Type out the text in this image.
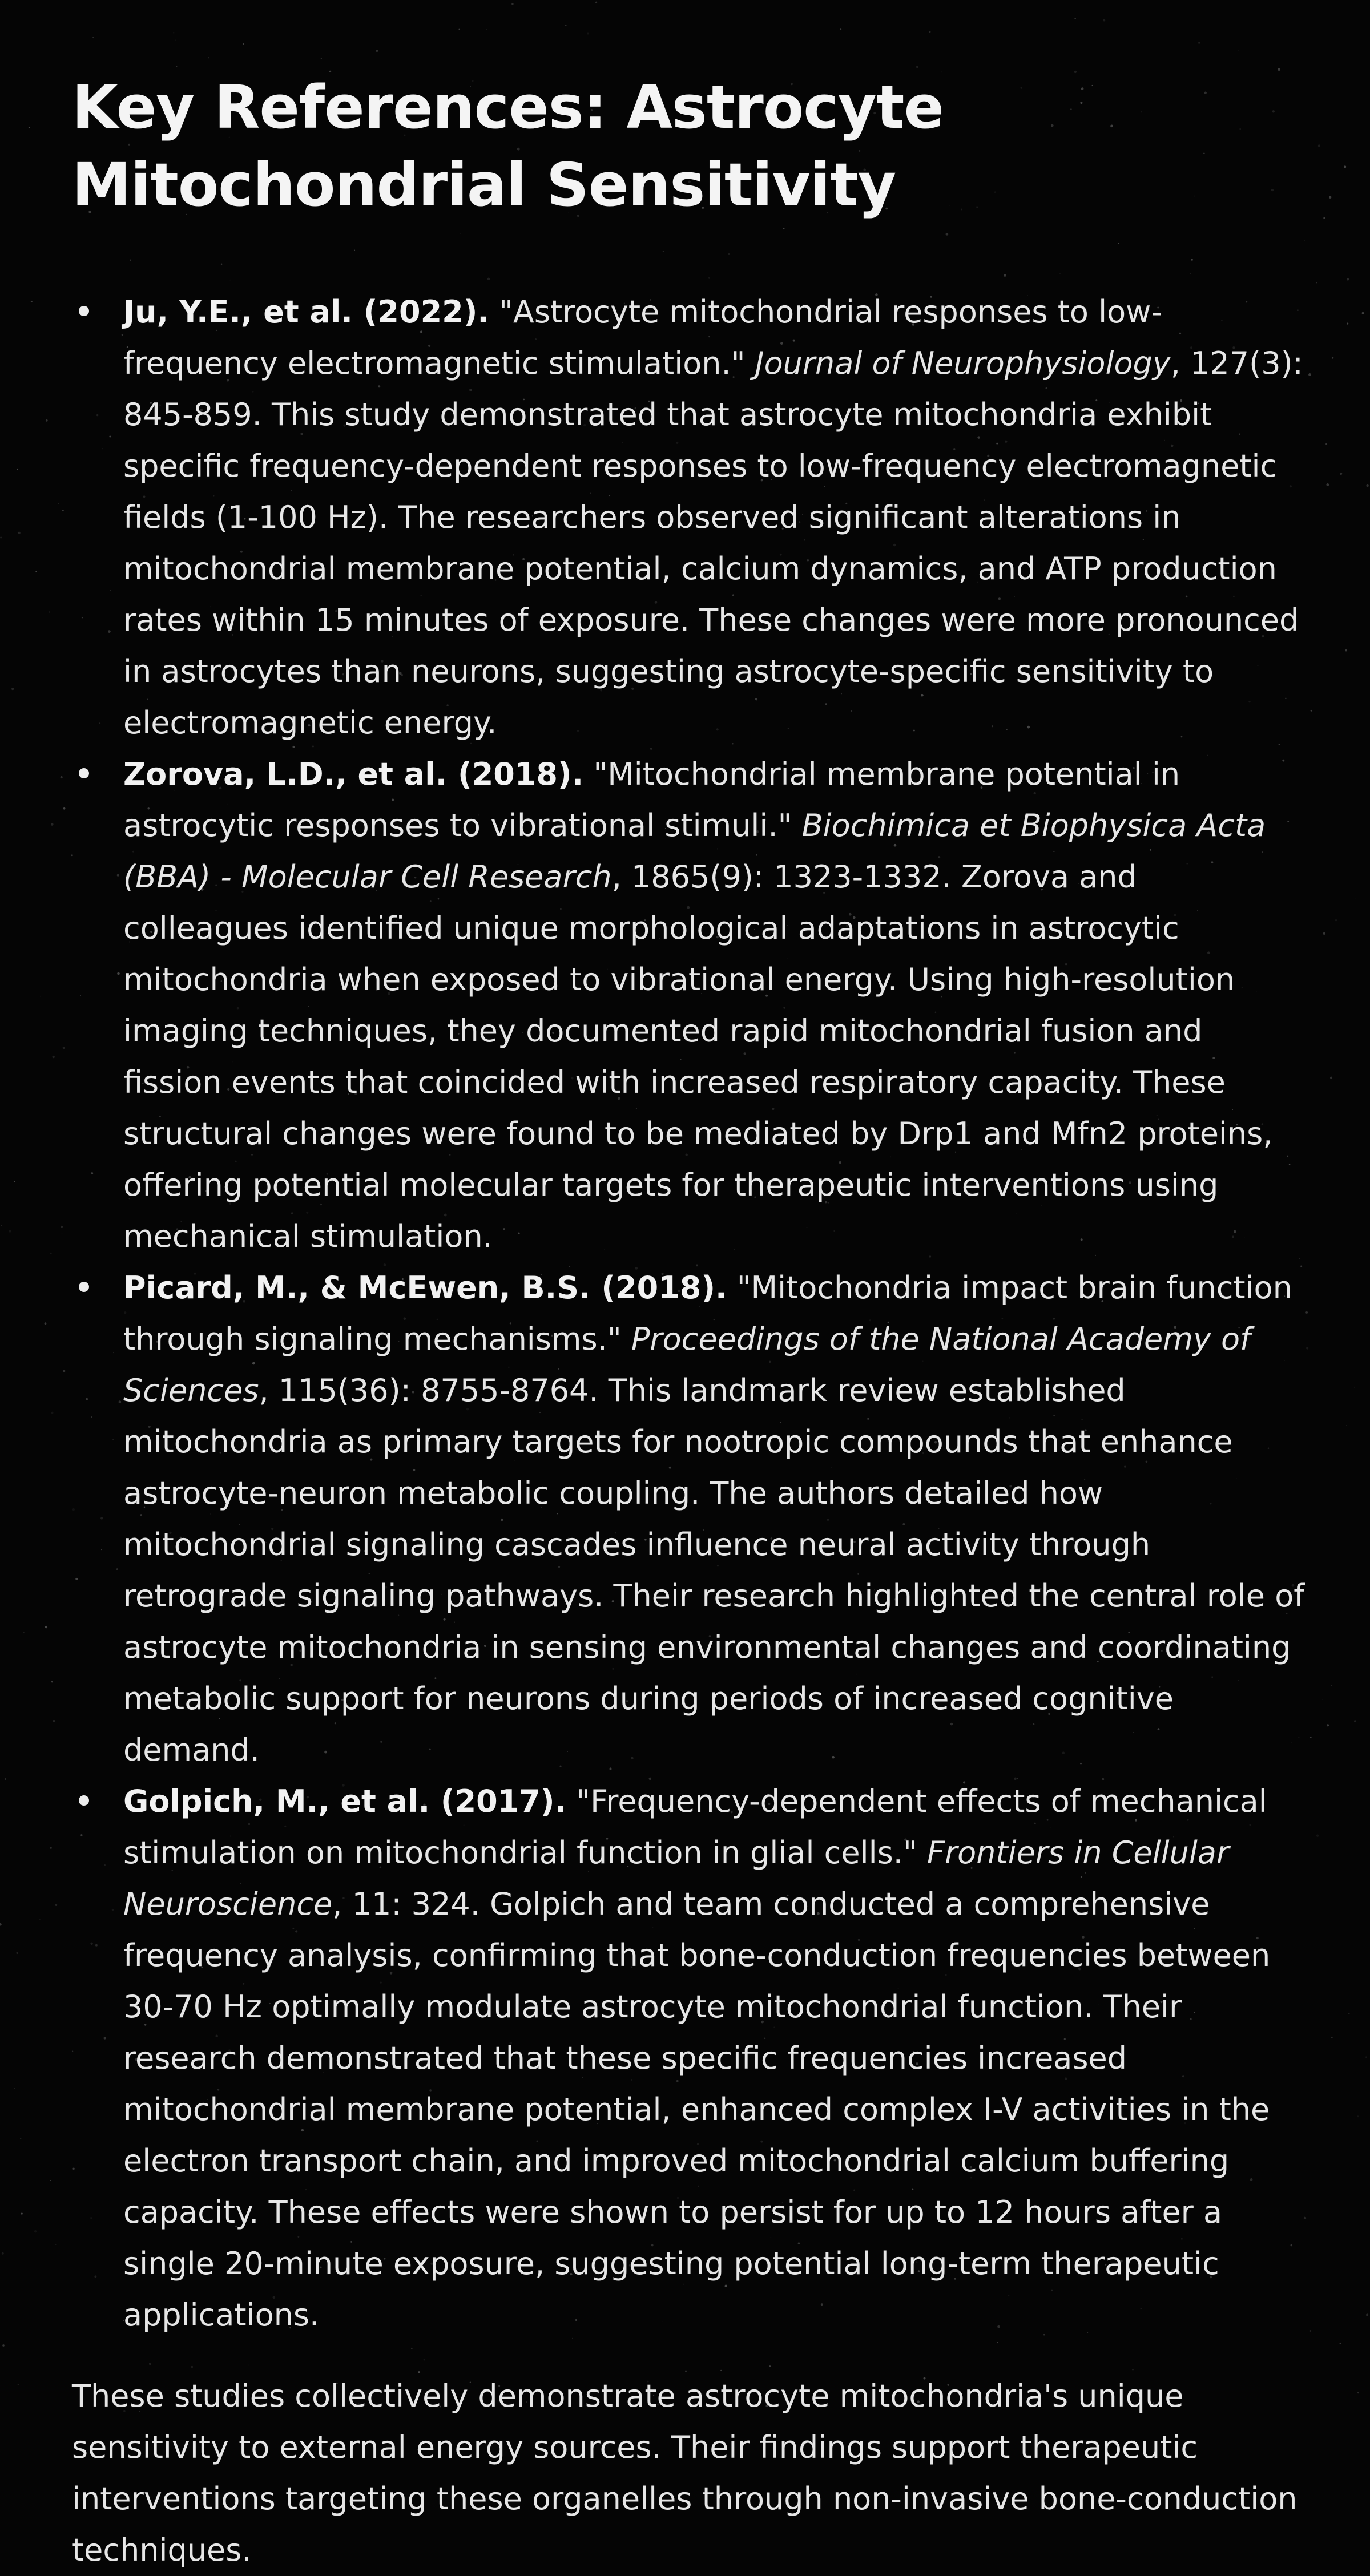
Key References: Astrocyte Mitochondrial Sensitivity
Ju, Y.E., et al. (2022). "Astrocyte mitochondrial responses to low-frequency electromagnetic stimulation." Journal of Neurophysiology, 127(3): 845-859. This study demonstrated that astrocyte mitochondria exhibit specific frequency-dependent responses to low-frequency electromagnetic fields (1-100 Hz). The researchers observed significant alterations in mitochondrial membrane potential, calcium dynamics, and ATP production rates within 15 minutes of exposure. These changes were more pronounced in astrocytes than neurons, suggesting astrocyte-specific sensitivity to electromagnetic energy.
Zorova, L.D., et al. (2018). "Mitochondrial membrane potential in astrocytic responses to vibrational stimuli." Biochimica et Biophysica Acta (BBA) - Molecular Cell Research, 1865(9): 1323-1332. Zorova and colleagues identified unique morphological adaptations in astrocytic mitochondria when exposed to vibrational energy. Using high-resolution imaging techniques, they documented rapid mitochondrial fusion and fission events that coincided with increased respiratory capacity. These structural changes were found to be mediated by Drp1 and Mfn2 proteins, offering potential molecular targets for therapeutic interventions using mechanical stimulation.
Picard, M., & McEwen, B.S. (2018). "Mitochondria impact brain function through signaling mechanisms." Proceedings of the National Academy of Sciences, 115(36): 8755-8764. This landmark review established mitochondria as primary targets for nootropic compounds that enhance astrocyte-neuron metabolic coupling. The authors detailed how mitochondrial signaling cascades influence neural activity through retrograde signaling pathways. Their research highlighted the central role of astrocyte mitochondria in sensing environmental changes and coordinating metabolic support for neurons during periods of increased cognitive demand.
Golpich, M., et al. (2017). "Frequency-dependent effects of mechanical stimulation on mitochondrial function in glial cells." Frontiers in Cellular Neuroscience, 11: 324. Golpich and team conducted a comprehensive frequency analysis, confirming that bone-conduction frequencies between 30-70 Hz optimally modulate astrocyte mitochondrial function. Their research demonstrated that these specific frequencies increased mitochondrial membrane potential, enhanced complex I-V activities in the electron transport chain, and improved mitochondrial calcium buffering capacity. These effects were shown to persist for up to 12 hours after a single 20-minute exposure, suggesting potential long-term therapeutic applications.

These studies collectively demonstrate astrocyte mitochondria's unique sensitivity to external energy sources. Their findings support therapeutic interventions targeting these organelles through non-invasive bone-conduction techniques.
